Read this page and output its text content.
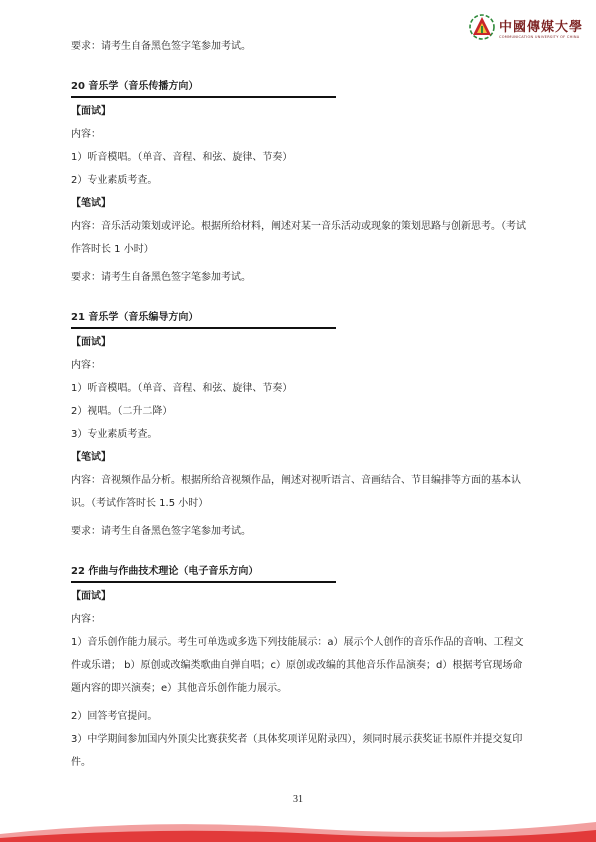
中國傳媒大學
COMMUNICATION UNIVERSITY OF CHINA
要求：请考生自备黑色签字笔参加考试。
20 音乐学（音乐传播方向）
【面试】
内容：
1）听音模唱。（单音、音程、和弦、旋律、节奏）
2）专业素质考查。
【笔试】
内容：音乐活动策划或评论。根据所给材料，阐述对某一音乐活动或现象的策划思路与创新思考。（考试作答时长 1 小时）
要求：请考生自备黑色签字笔参加考试。
21 音乐学（音乐编导方向）
【面试】
内容：
1）听音模唱。（单音、音程、和弦、旋律、节奏）
2）视唱。（二升二降）
3）专业素质考查。
【笔试】
内容：音视频作品分析。根据所给音视频作品，阐述对视听语言、音画结合、节目编排等方面的基本认识。（考试作答时长 1.5 小时）
要求：请考生自备黑色签字笔参加考试。
22 作曲与作曲技术理论（电子音乐方向）
【面试】
内容：
1）音乐创作能力展示。考生可单选或多选下列技能展示：a）展示个人创作的音乐作品的音响、工程文件或乐谱； b）原创或改编类歌曲自弹自唱；c）原创或改编的其他音乐作品演奏；d）根据考官现场命题内容的即兴演奏；e）其他音乐创作能力展示。
2）回答考官提问。
3）中学期间参加国内外顶尖比赛获奖者（具体奖项详见附录四），须同时展示获奖证书原件并提交复印件。
31
